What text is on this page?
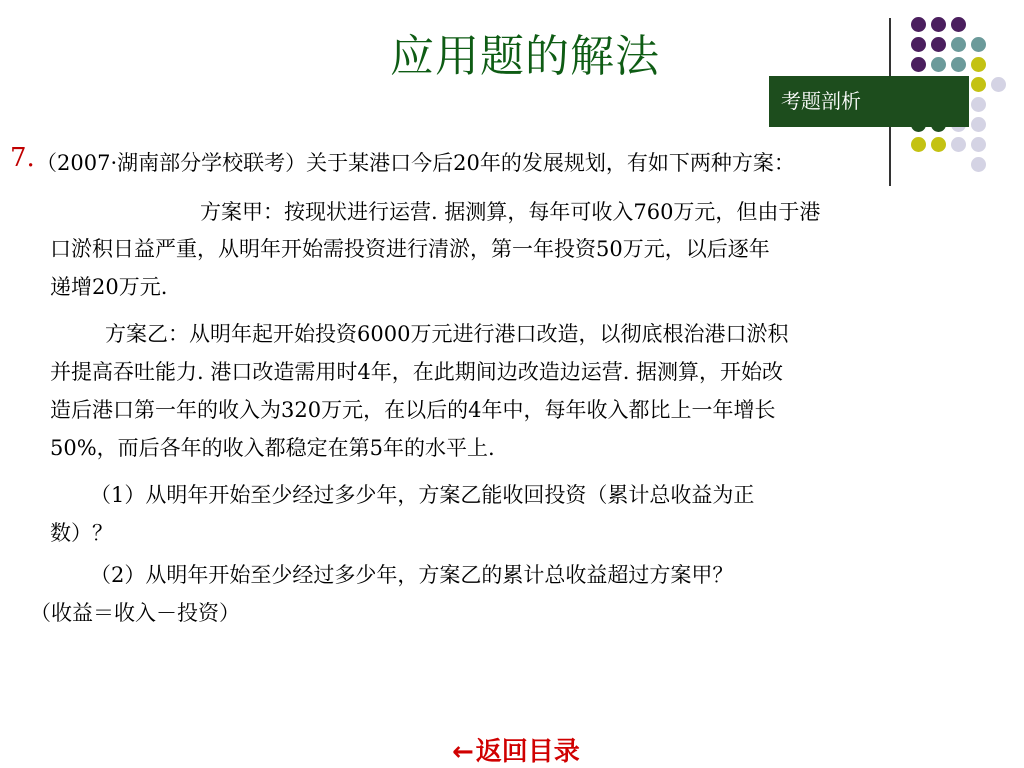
应用题的解法
考题剖析
7. （2007·湖南部分学校联考）关于某港口今后20年的发展规划，有如下两种方案：
方案甲：按现状进行运营. 据测算，每年可收入760万元，但由于港
口淤积日益严重，从明年开始需投资进行清淤，第一年投资50万元，以后逐年
递增20万元.
方案乙：从明年起开始投资6000万元进行港口改造，以彻底根治港口淤积
并提高吞吐能力. 港口改造需用时4年，在此期间边改造边运营. 据测算，开始改
造后港口第一年的收入为320万元，在以后的4年中，每年收入都比上一年增长
50%，而后各年的收入都稳定在第5年的水平上.
（1）从明年开始至少经过多少年，方案乙能收回投资（累计总收益为正
数）？
（2）从明年开始至少经过多少年，方案乙的累计总收益超过方案甲？
（收益＝收入－投资）
←返回目录
